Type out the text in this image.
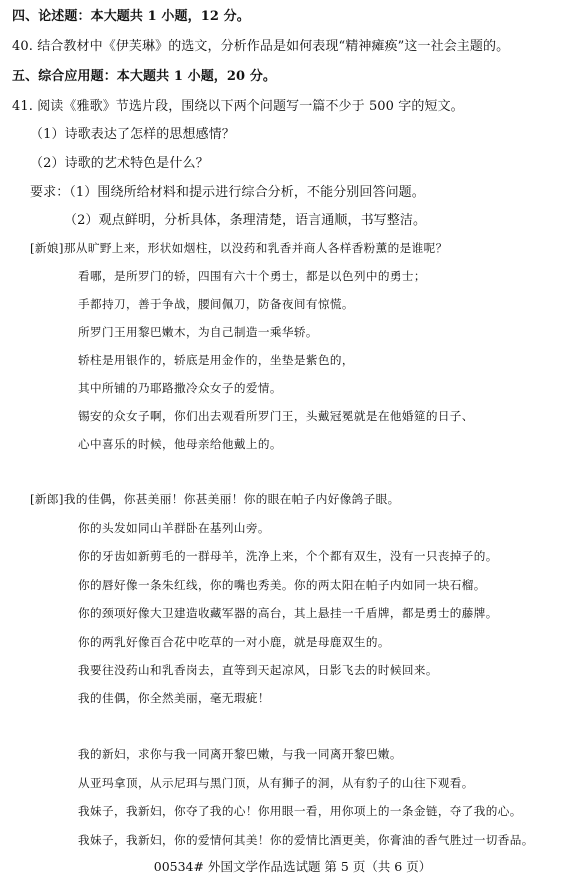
四、论述题：本大题共 1 小题，12 分。
40. 结合教材中《伊芙琳》的选文，分析作品是如何表现“精神瘫痪”这一社会主题的。
五、综合应用题：本大题共 1 小题，20 分。
41. 阅读《雅歌》节选片段，围绕以下两个问题写一篇不少于 500 字的短文。
（1）诗歌表达了怎样的思想感情？
（2）诗歌的艺术特色是什么？
要求：（1）围绕所给材料和提示进行综合分析，不能分别回答问题。
（2）观点鲜明，分析具体，条理清楚，语言通顺，书写整洁。
[新娘]那从旷野上来，形状如烟柱，以没药和乳香并商人各样香粉薰的是谁呢？
看哪，是所罗门的轿，四围有六十个勇士，都是以色列中的勇士；
手都持刀，善于争战，腰间佩刀，防备夜间有惊慌。
所罗门王用黎巴嫩木，为自己制造一乘华轿。
轿柱是用银作的，轿底是用金作的，坐垫是紫色的，
其中所铺的乃耶路撒冷众女子的爱情。
锡安的众女子啊，你们出去观看所罗门王，头戴冠冕就是在他婚筵的日子、
心中喜乐的时候，他母亲给他戴上的。
[新郎]我的佳偶，你甚美丽！你甚美丽！你的眼在帕子内好像鸽子眼。
你的头发如同山羊群卧在基列山旁。
你的牙齿如新剪毛的一群母羊，洗净上来，个个都有双生，没有一只丧掉子的。
你的唇好像一条朱红线，你的嘴也秀美。你的两太阳在帕子内如同一块石榴。
你的颈项好像大卫建造收藏军器的高台，其上悬挂一千盾牌，都是勇士的藤牌。
你的两乳好像百合花中吃草的一对小鹿，就是母鹿双生的。
我要往没药山和乳香岗去，直等到天起凉风，日影飞去的时候回来。
我的佳偶，你全然美丽，毫无瑕疵！
我的新妇，求你与我一同离开黎巴嫩，与我一同离开黎巴嫩。
从亚玛拿顶，从示尼珥与黑门顶，从有狮子的洞，从有豹子的山往下观看。
我妹子，我新妇，你夺了我的心！你用眼一看，用你项上的一条金链，夺了我的心。
我妹子，我新妇，你的爱情何其美！你的爱情比酒更美，你膏油的香气胜过一切香品。
00534# 外国文学作品选试题 第 5 页（共 6 页）
